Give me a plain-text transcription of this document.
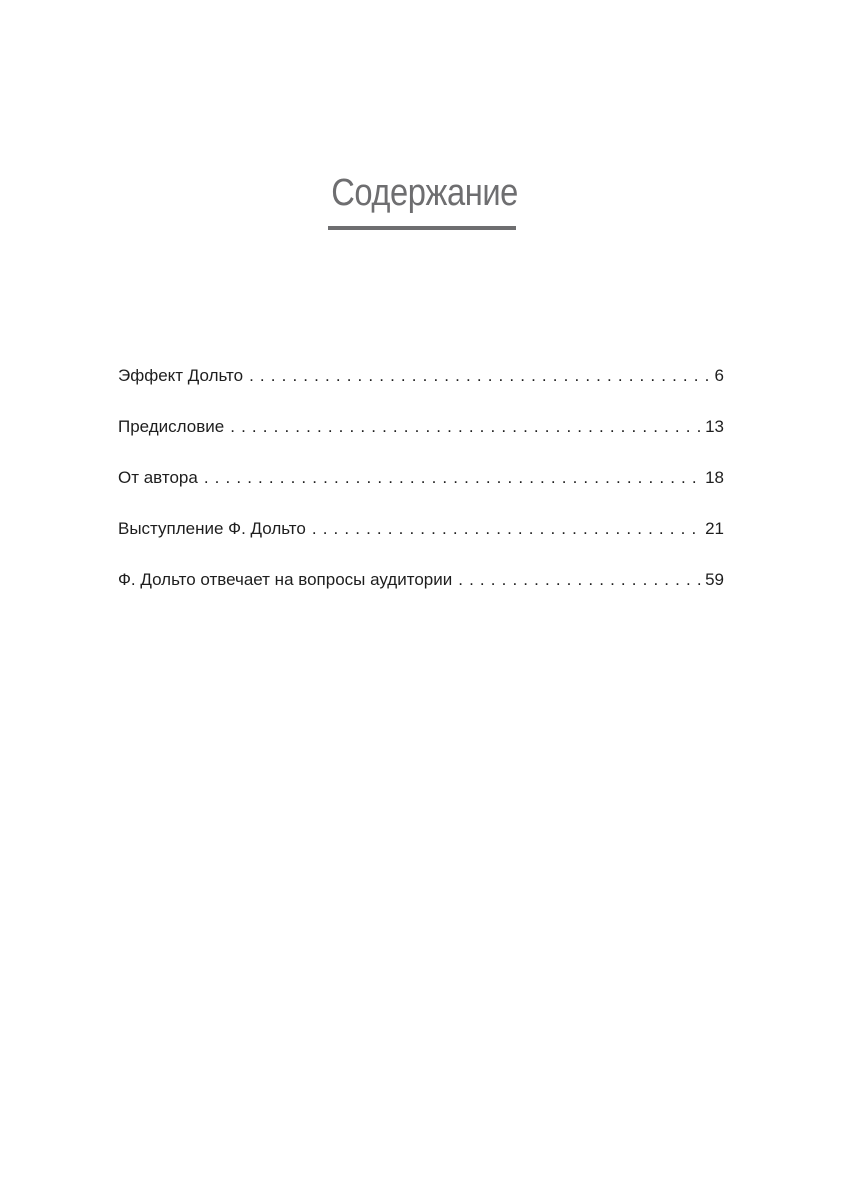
Содержание
Эффект Дольто . . .	6
Предисловие . . .	13
От автора . . .	18
Выступление Ф. Дольто . . .	21
Ф. Дольто отвечает на вопросы аудитории . . .	59
